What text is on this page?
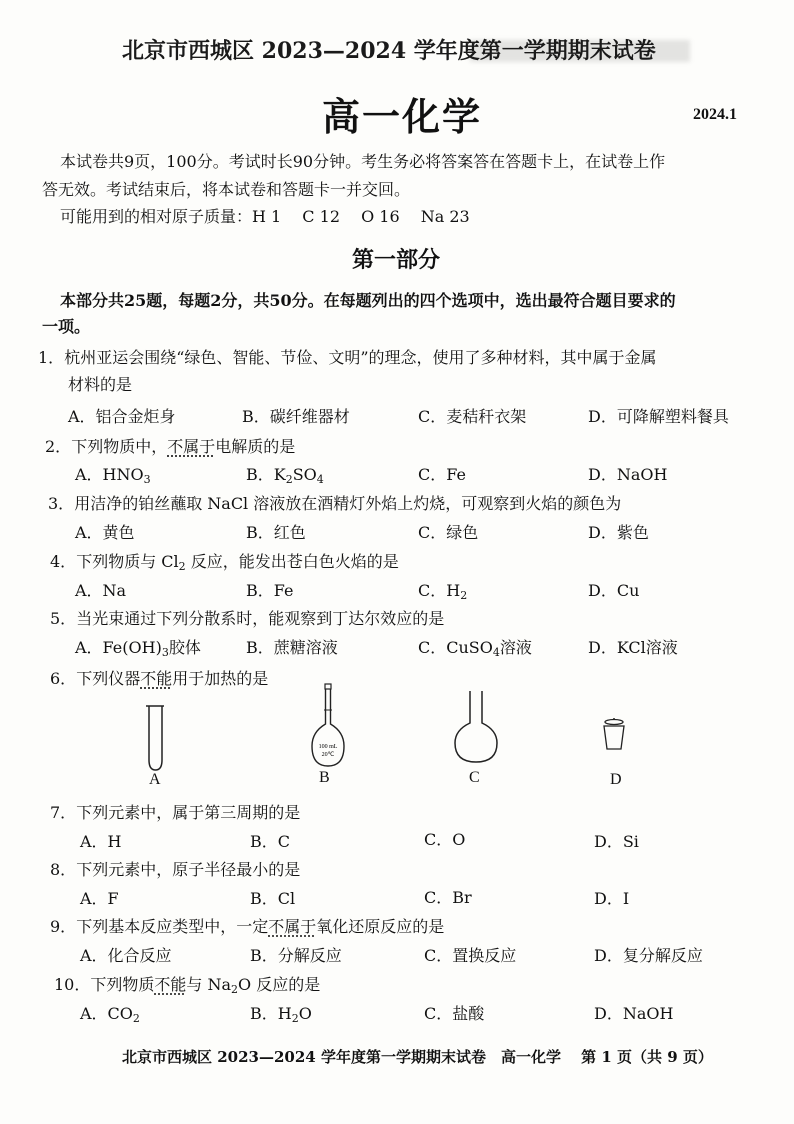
北京市西城区 2023—2024 学年度第一学期期末试卷
高一化学	2024.1
本试卷共9页，100分。考试时长90分钟。考生务必将答案答在答题卡上，在试卷上作
答无效。考试结束后，将本试卷和答题卡一并交回。
可能用到的相对原子质量：H 1　 C 12　 O 16　 Na 23
第一部分
本部分共25题，每题2分，共50分。在每题列出的四个选项中，选出最符合题目要求的
一项。
1．杭州亚运会围绕“绿色、智能、节俭、文明”的理念，使用了多种材料，其中属于金属
材料的是
A．铝合金炬身	B．碳纤维器材	C．麦秸秆衣架	D．可降解塑料餐具
2．下列物质中，不属于电解质的是
A．$HNO_3$	B．$K_2SO_4$	C．Fe	D．NaOH
3．用洁净的铂丝蘸取 NaCl 溶液放在酒精灯外焰上灼烧，可观察到火焰的颜色为
A．黄色	B．红色	C．绿色	D．紫色
4．下列物质与 $Cl_2$ 反应，能发出苍白色火焰的是
A．Na	B．Fe	C．$H_2$	D．Cu
5．当光束通过下列分散系时，能观察到丁达尔效应的是
A．$Fe(OH)_3$胶体	B．蔗糖溶液	C．CuSO$_4$溶液	D．KCl溶液
6．下列仪器不能用于加热的是
100 mL
20℃
A	B	C	D
7．下列元素中，属于第三周期的是
A．H	B．C	C．O	D．Si
8．下列元素中，原子半径最小的是
A．F	B．Cl	C．Br	D．I
9．下列基本反应类型中，一定不属于氧化还原反应的是
A．化合反应	B．分解反应	C．置换反应	D．复分解反应
10．下列物质不能与 $Na_2O$ 反应的是
A．$CO_2$	B．$H_2O$	C．盐酸	D．NaOH
北京市西城区 2023—2024 学年度第一学期期末试卷　高一化学　 第 1 页（共 9 页）
